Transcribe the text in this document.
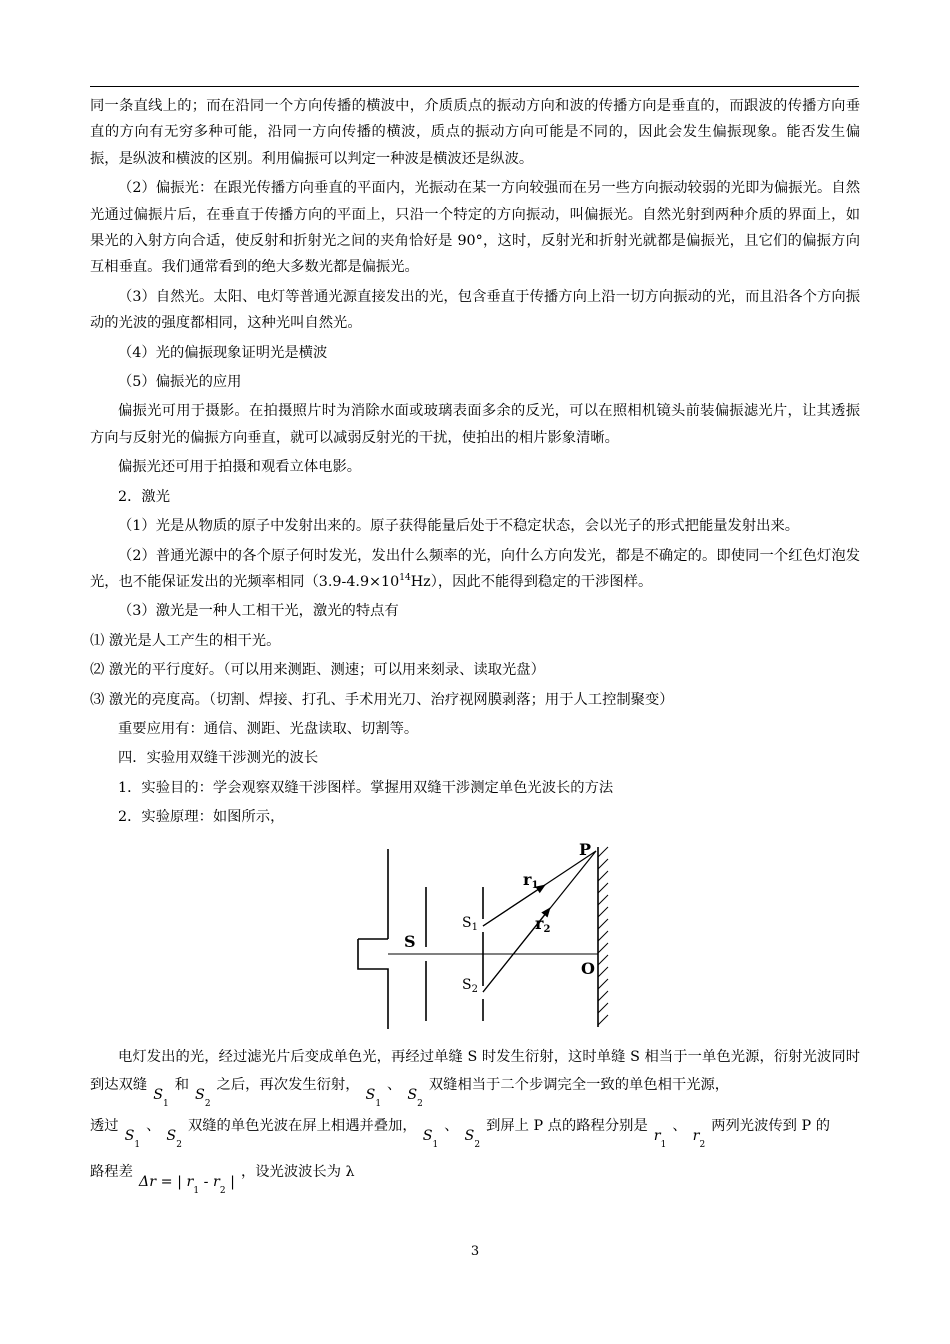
同一条直线上的；而在沿同一个方向传播的横波中，介质质点的振动方向和波的传播方向是垂直的，而跟波的传播方向垂直的方向有无穷多种可能，沿同一方向传播的横波，质点的振动方向可能是不同的，因此会发生偏振现象。能否发生偏振，是纵波和横波的区别。利用偏振可以判定一种波是横波还是纵波。

（2）偏振光：在跟光传播方向垂直的平面内，光振动在某一方向较强而在另一些方向振动较弱的光即为偏振光。自然光通过偏振片后，在垂直于传播方向的平面上，只沿一个特定的方向振动，叫偏振光。自然光射到两种介质的界面上，如果光的入射方向合适，使反射和折射光之间的夹角恰好是 90°，这时，反射光和折射光就都是偏振光，且它们的偏振方向互相垂直。我们通常看到的绝大多数光都是偏振光。

（3）自然光。太阳、电灯等普通光源直接发出的光，包含垂直于传播方向上沿一切方向振动的光，而且沿各个方向振动的光波的强度都相同，这种光叫自然光。

（4）光的偏振现象证明光是横波

（5）偏振光的应用

偏振光可用于摄影。在拍摄照片时为消除水面或玻璃表面多余的反光，可以在照相机镜头前装偏振滤光片，让其透振方向与反射光的偏振方向垂直，就可以减弱反射光的干扰，使拍出的相片影象清晰。

偏振光还可用于拍摄和观看立体电影。

2．激光

（1）光是从物质的原子中发射出来的。原子获得能量后处于不稳定状态，会以光子的形式把能量发射出来。

（2）普通光源中的各个原子何时发光，发出什么频率的光，向什么方向发光，都是不确定的。即使同一个红色灯泡发光，也不能保证发出的光频率相同$(3.9-4.9\times 10^{14}Hz)$，因此不能得到稳定的干涉图样。

（3）激光是一种人工相干光，激光的特点有

⑴ 激光是人工产生的相干光。

⑵ 激光的平行度好。（可以用来测距、测速；可以用来刻录、读取光盘）

⑶ 激光的亮度高。（切割、焊接、打孔、手术用光刀、治疗视网膜剥落；用于人工控制聚变）

重要应用有：通信、测距、光盘读取、切割等。

四．实验用双缝干涉测光的波长

1．实验目的：学会观察双缝干涉图样。掌握用双缝干涉测定单色光波长的方法

2．实验原理：如图所示，

S
$S_1$
$S_2$
r1
r2
P
O

电灯发出的光，经过滤光片后变成单色光，再经过单缝 S 时发生衍射，这时单缝 S 相当于一单色光源，衍射光波同时到达双缝$S_1$和$S_2$之后，再次发生衍射，$S_1$、$S_2$双缝相当于二个步调完全一致的单色相干光源，

透过$S_1$、$S_2$双缝的单色光波在屏上相遇并叠加，$S_1$、$S_2$到屏上 P 点的路程分别是$r_1$、$r_2$两列光波传到 P 的

路程差Δr = | $r_1 - r_2$ |，设光波波长为 λ

3
